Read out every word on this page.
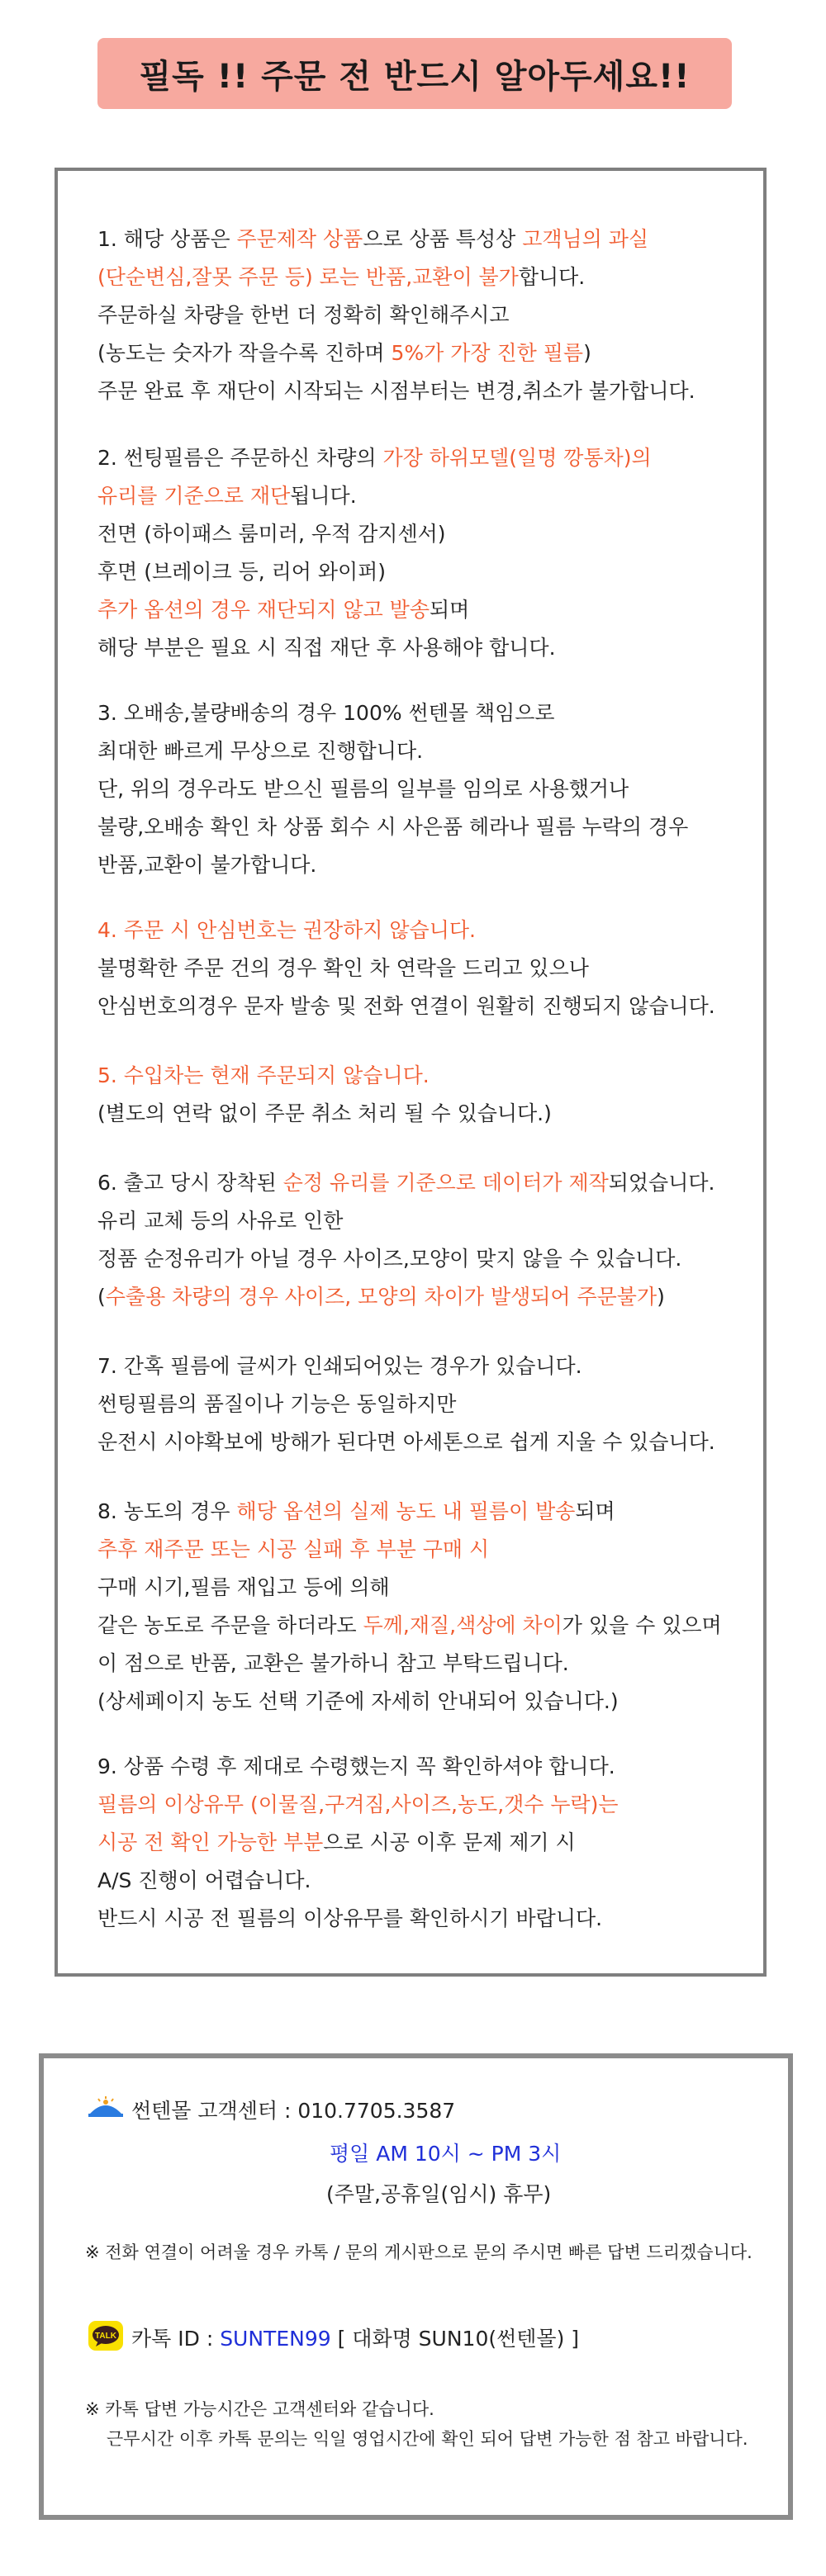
필독 !! 주문 전 반드시 알아두세요!!
1. 해당 상품은 주문제작 상품으로 상품 특성상 고객님의 과실
(단순변심,잘못 주문 등) 로는 반품,교환이 불가합니다.
주문하실 차량을 한번 더 정확히 확인해주시고
(농도는 숫자가 작을수록 진하며 5%가 가장 진한 필름)
주문 완료 후 재단이 시작되는 시점부터는 변경,취소가 불가합니다.
2. 썬팅필름은 주문하신 차량의 가장 하위모델(일명 깡통차)의
유리를 기준으로 재단됩니다.
전면 (하이패스 룸미러, 우적 감지센서)
후면 (브레이크 등, 리어 와이퍼)
추가 옵션의 경우 재단되지 않고 발송되며
해당 부분은 필요 시 직접 재단 후 사용해야 합니다.
3. 오배송,불량배송의 경우 100% 썬텐몰 책임으로
최대한 빠르게 무상으로 진행합니다.
단, 위의 경우라도 받으신 필름의 일부를 임의로 사용했거나
불량,오배송 확인 차 상품 회수 시 사은품 헤라나 필름 누락의 경우
반품,교환이 불가합니다.
4. 주문 시 안심번호는 권장하지 않습니다.
불명확한 주문 건의 경우 확인 차 연락을 드리고 있으나
안심번호의경우 문자 발송 및 전화 연결이 원활히 진행되지 않습니다.
5. 수입차는 현재 주문되지 않습니다.
(별도의 연락 없이 주문 취소 처리 될 수 있습니다.)
6. 출고 당시 장착된 순정 유리를 기준으로 데이터가 제작되었습니다.
유리 교체 등의 사유로 인한
정품 순정유리가 아닐 경우 사이즈,모양이 맞지 않을 수 있습니다.
(수출용 차량의 경우 사이즈, 모양의 차이가 발생되어 주문불가)
7. 간혹 필름에 글씨가 인쇄되어있는 경우가 있습니다.
썬팅필름의 품질이나 기능은 동일하지만
운전시 시야확보에 방해가 된다면 아세톤으로 쉽게 지울 수 있습니다.
8. 농도의 경우 해당 옵션의 실제 농도 내 필름이 발송되며
추후 재주문 또는 시공 실패 후 부분 구매 시
구매 시기,필름 재입고 등에 의해
같은 농도로 주문을 하더라도 두께,재질,색상에 차이가 있을 수 있으며
이 점으로 반품, 교환은 불가하니 참고 부탁드립니다.
(상세페이지 농도 선택 기준에 자세히 안내되어 있습니다.)
9. 상품 수령 후 제대로 수령했는지 꼭 확인하셔야 합니다.
필름의 이상유무 (이물질,구겨짐,사이즈,농도,갯수 누락)는
시공 전 확인 가능한 부분으로 시공 이후 문제 제기 시
A/S 진행이 어렵습니다.
반드시 시공 전 필름의 이상유무를 확인하시기 바랍니다.
썬텐몰 고객센터 : 010.7705.3587
평일 AM 10시 ~ PM 3시
(주말,공휴일(임시) 휴무)
※ 전화 연결이 어려울 경우 카톡 / 문의 게시판으로 문의 주시면 빠른 답변 드리겠습니다.
TALK 카톡 ID : SUNTEN99 [ 대화명 SUN10(썬텐몰) ]
※ 카톡 답변 가능시간은 고객센터와 같습니다.
근무시간 이후 카톡 문의는 익일 영업시간에 확인 되어 답변 가능한 점 참고 바랍니다.
